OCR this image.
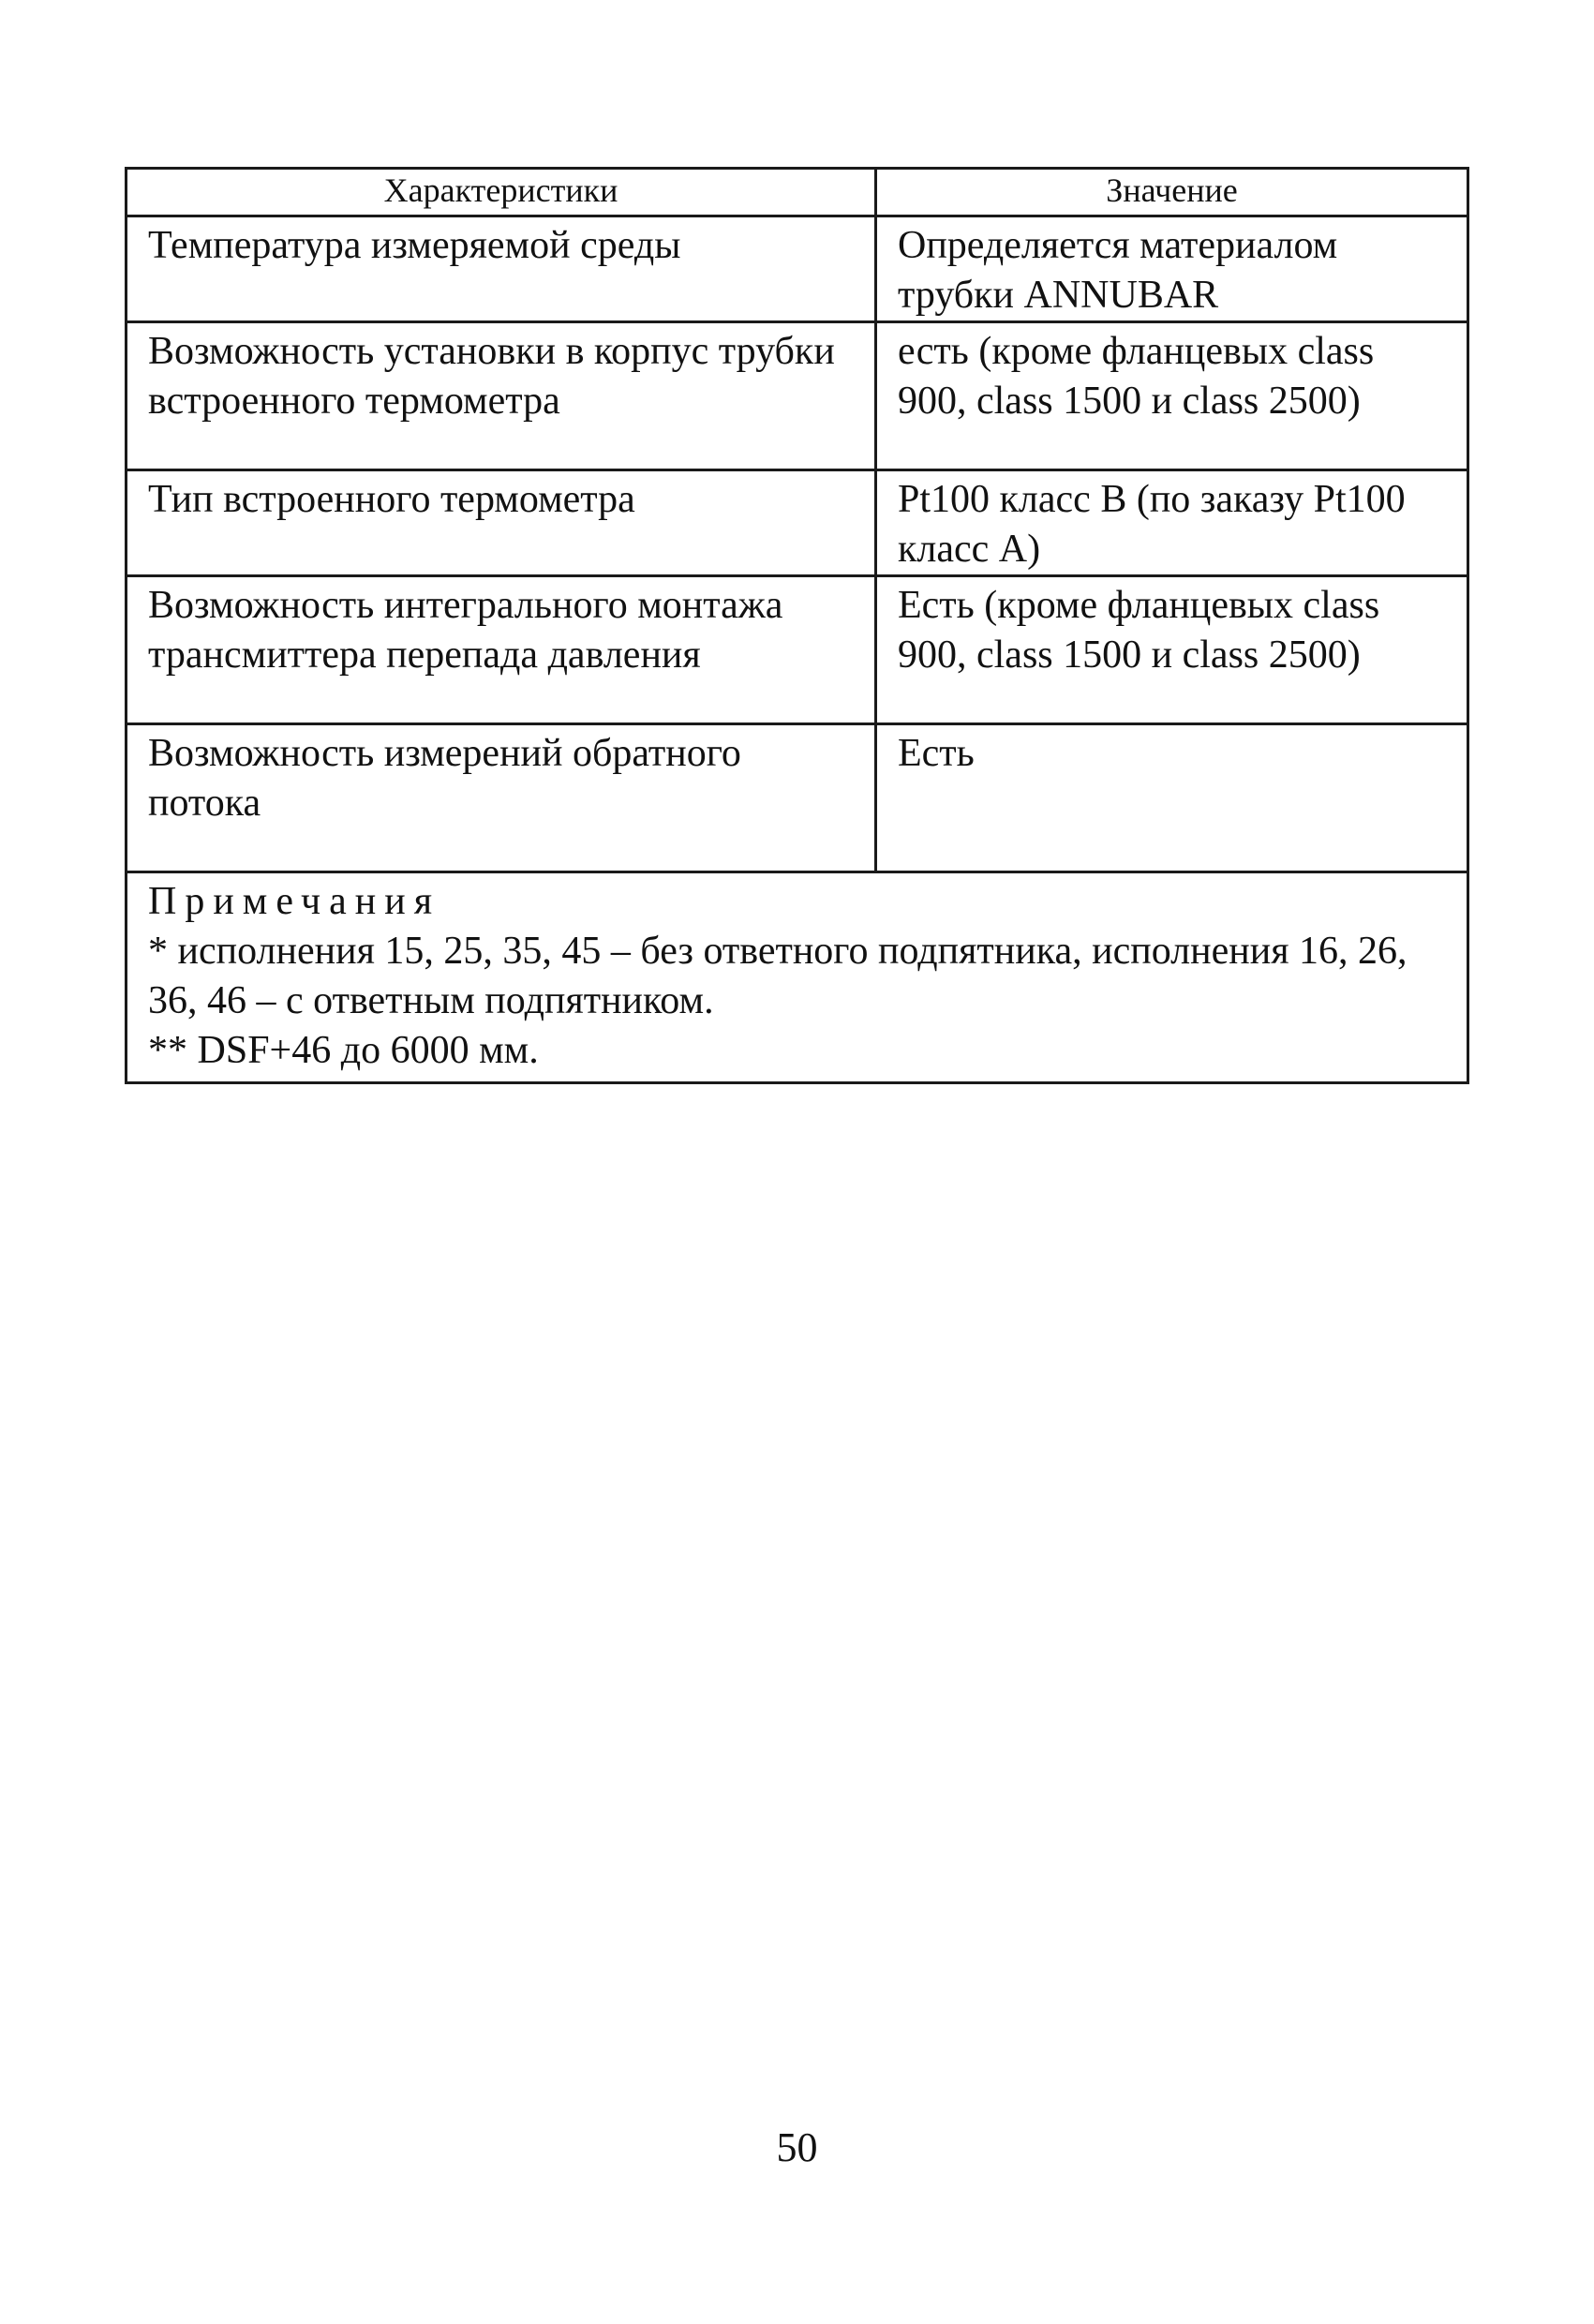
Характеристики	Значение

Температура измеряемой среды	Определяется материалом трубки ANNUBAR

Возможность установки в корпус трубки встроенного термометра	есть (кроме фланцевых class 900, class 1500 и class 2500)

Тип встроенного термометра	Pt100 класс В (по заказу Pt100 класс А)

Возможность интегрального монтажа трансмиттера перепада давления	Есть (кроме фланцевых class 900, class 1500 и class 2500)

Возможность измерений обратного потока	Есть

Примечания
* исполнения 15, 25, 35, 45 – без ответного подпятника, исполнения 16, 26, 36, 46 – с ответным подпятником.
** DSF+46 до 6000 мм.	
50
